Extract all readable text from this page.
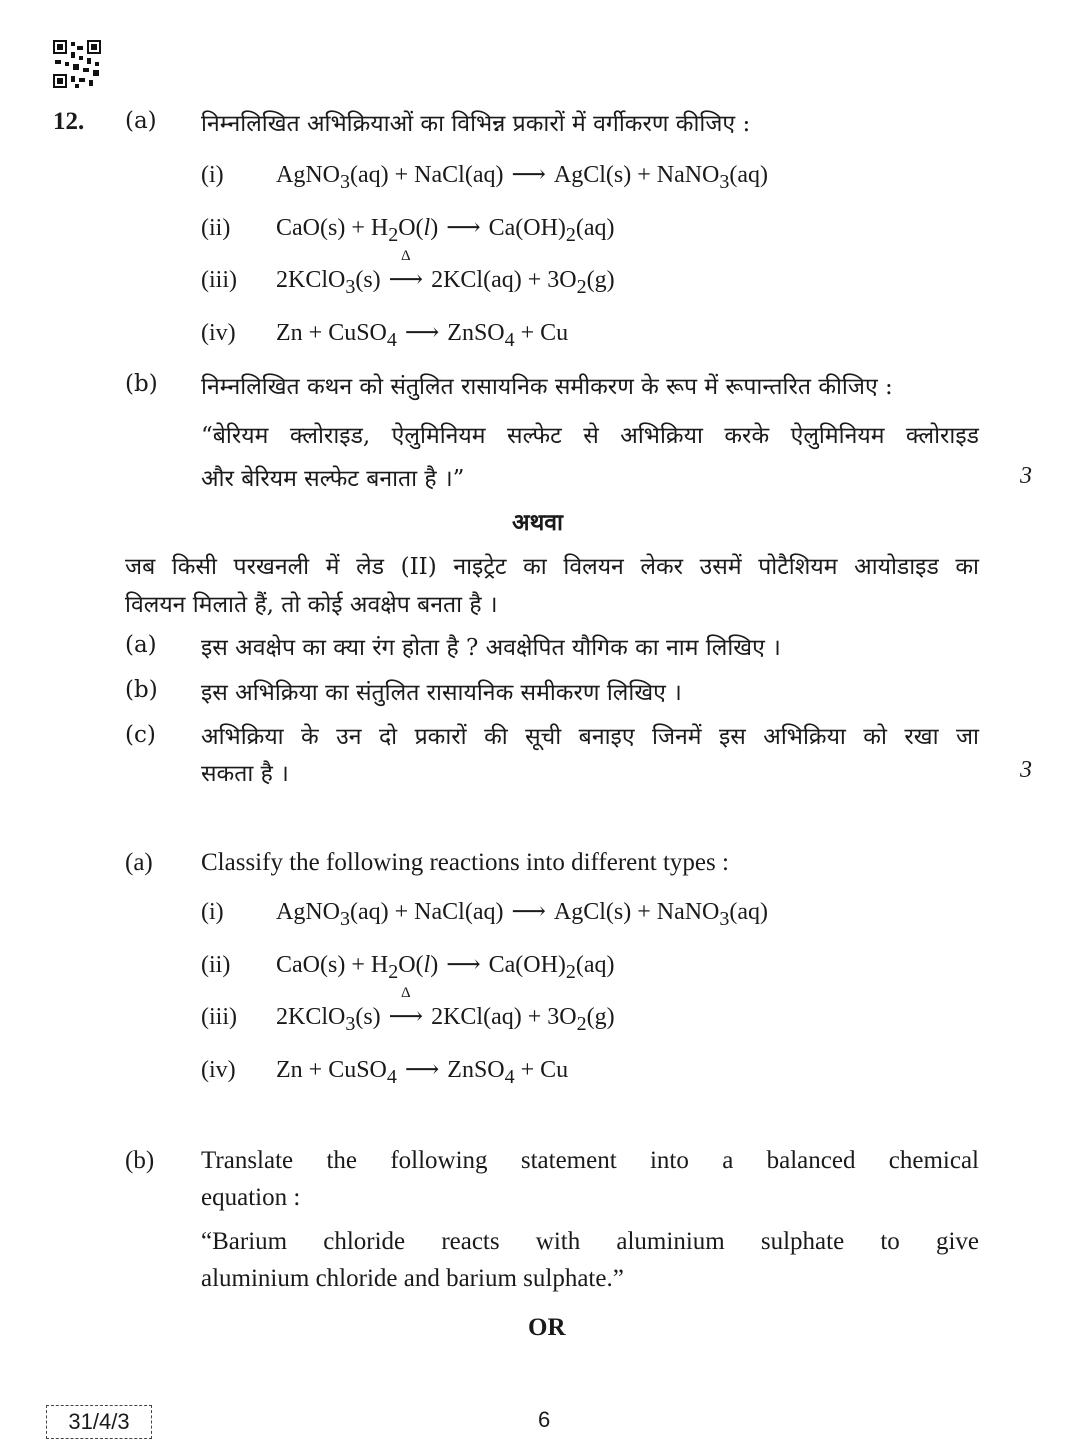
12. (a) निम्नलिखित अभिक्रियाओं का विभिन्न प्रकारों में वर्गीकरण कीजिए :
(i) AgNO$_3$(aq) + NaCl(aq) ⟶ AgCl(s) + NaNO$_3$(aq)
(ii) $CaO(s) + H_2O(l)$ ⟶ $Ca(OH)_2(aq)$
(iii) 2KClO$_3$(s)
Δ
⟶ $2KCl(aq) + 3O_2(g)$
(iv) Zn + CuSO$_4$ ⟶ ZnSO$_4$ + Cu
(b) निम्नलिखित कथन को संतुलित रासायनिक समीकरण के रूप में रूपान्तरित कीजिए :
“बेरियम क्लोराइड, ऐलुमिनियम सल्फेट से अभिक्रिया करके ऐलुमिनियम क्लोराइड
और बेरियम सल्फेट बनाता है ।”	3
अथवा
जब किसी परखनली में लेड (II) नाइट्रेट का विलयन लेकर उसमें पोटैशियम आयोडाइड का
विलयन मिलाते हैं, तो कोई अवक्षेप बनता है ।
(a) इस अवक्षेप का क्या रंग होता है ? अवक्षेपित यौगिक का नाम लिखिए ।
(b) इस अभिक्रिया का संतुलित रासायनिक समीकरण लिखिए ।
(c) अभिक्रिया के उन दो प्रकारों की सूची बनाइए जिनमें इस अभिक्रिया को रखा जा
सकता है ।	3
(a) Classify the following reactions into different types :
(i) AgNO$_3$(aq) + NaCl(aq) ⟶ AgCl(s) + NaNO$_3$(aq)
(ii) $CaO(s) + H_2O(l)$ ⟶ $Ca(OH)_2(aq)$
(iii) 2KClO$_3$(s)
Δ
⟶ $2KCl(aq) + 3O_2(g)$
(iv) Zn + CuSO$_4$ ⟶ ZnSO$_4$ + Cu
(b) Translate the following statement into a balanced chemical
equation :
“Barium chloride reacts with aluminium sulphate to give
aluminium chloride and barium sulphate.”
OR
31/4/3	6
